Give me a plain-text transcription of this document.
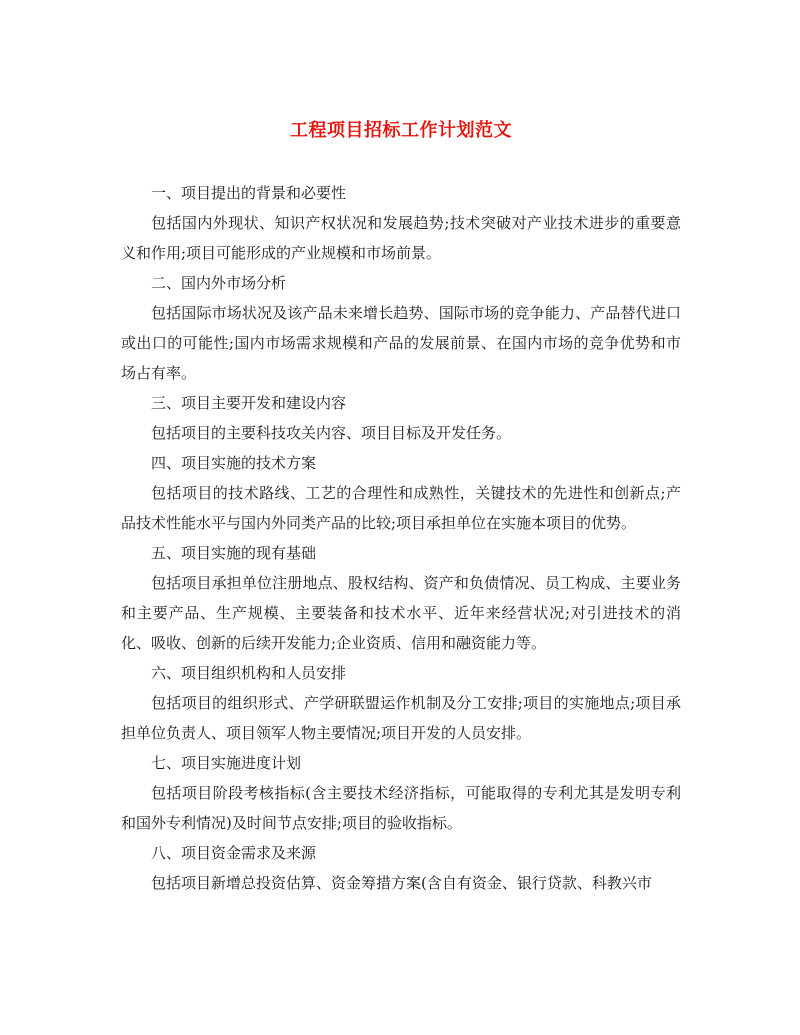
工程项目招标工作计划范文

一、项目提出的背景和必要性

包括国内外现状、知识产权状况和发展趋势;技术突破对产业技术进步的重要意义和作用;项目可能形成的产业规模和市场前景。

二、国内外市场分析

包括国际市场状况及该产品未来增长趋势、国际市场的竞争能力、产品替代进口或出口的可能性;国内市场需求规模和产品的发展前景、在国内市场的竞争优势和市场占有率。

三、项目主要开发和建设内容

包括项目的主要科技攻关内容、项目目标及开发任务。

四、项目实施的技术方案

包括项目的技术路线、工艺的合理性和成熟性，关键技术的先进性和创新点;产品技术性能水平与国内外同类产品的比较;项目承担单位在实施本项目的优势。

五、项目实施的现有基础

包括项目承担单位注册地点、股权结构、资产和负债情况、员工构成、主要业务和主要产品、生产规模、主要装备和技术水平、近年来经营状况;对引进技术的消化、吸收、创新的后续开发能力;企业资质、信用和融资能力等。

六、项目组织机构和人员安排

包括项目的组织形式、产学研联盟运作机制及分工安排;项目的实施地点;项目承担单位负责人、项目领军人物主要情况;项目开发的人员安排。

七、项目实施进度计划

包括项目阶段考核指标(含主要技术经济指标，可能取得的专利尤其是发明专利和国外专利情况)及时间节点安排;项目的验收指标。

八、项目资金需求及来源

包括项目新增总投资估算、资金筹措方案(含自有资金、银行贷款、科教兴市
